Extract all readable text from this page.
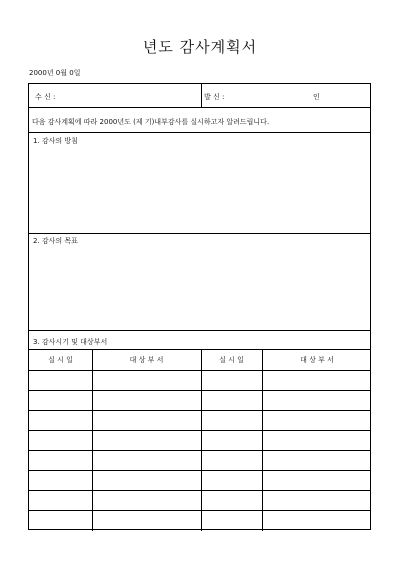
년도 감사계획서
2000년 0월 0일
수 신 :	발 신 :	인
다음 감사계획에 따라 2000년도 (제 기)내부감사를 실시하고자 알려드립니다.
1. 감사의 방침
2. 감사의 목표
3. 감사시기 및 대상부서
실 시 일	대 상 부 서	실 시 일	대 상 부 서
